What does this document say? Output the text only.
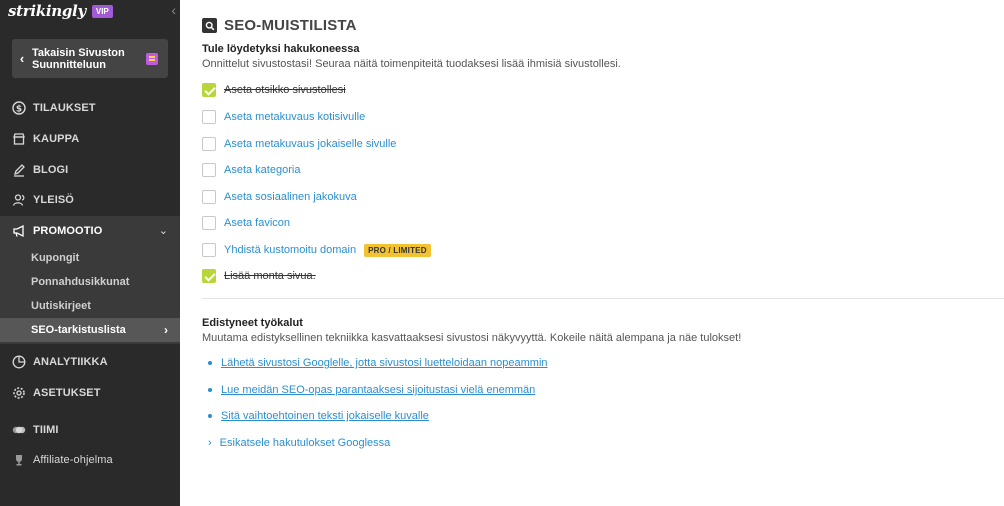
strikingly	VIP	‹
‹ Takaisin Sivuston
Suunnitteluun
$ TILAUKSET
KAUPPA
BLOGI
YLEISÖ
PROMOOTIO	⌄
Kupongit
Ponnahdusikkunat
Uutiskirjeet
SEO-tarkistuslista	›
ANALYTIIKKA
ASETUKSET
TIIMI
Affiliate-ohjelma
SEO-MUISTILISTA
Tule löydetyksi hakukoneessa
Onnittelut sivustostasi! Seuraa näitä toimenpiteitä tuodaksesi lisää ihmisiä sivustollesi.
Aseta otsikko sivustollesi
Aseta metakuvaus kotisivulle
Aseta metakuvaus jokaiselle sivulle
Aseta kategoria
Aseta sosiaalinen jakokuva
Aseta favicon
Yhdistä kustomoitu domain	PRO / LIMITED
Lisää monta sivua.
Edistyneet työkalut
Muutama edistyksellinen tekniikka kasvattaaksesi sivustosi näkyvyyttä. Kokeile näitä alempana ja näe tulokset!
Lähetä sivustosi Googlelle, jotta sivustosi luetteloidaan nopeammin
Lue meidän SEO-opas parantaaksesi sijoitustasi vielä enemmän
Sitä vaihtoehtoinen teksti jokaiselle kuvalle
› Esikatsele hakutulokset Googlessa
